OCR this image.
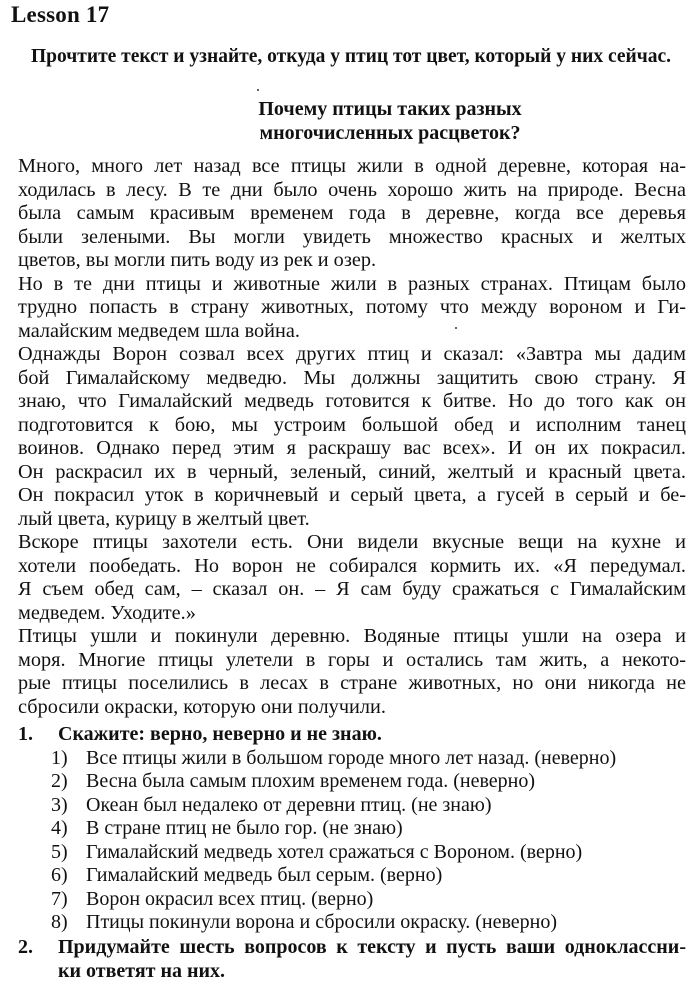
Lesson 17
Прочтите текст и узнайте, откуда у птиц тот цвет, который у них сейчас.
Почему птицы таких разных
многочисленных расцветок?
Много, много лет назад все птицы жили в одной деревне, которая на-
ходилась в лесу. В те дни было очень хорошо жить на природе. Весна
была самым красивым временем года в деревне, когда все деревья
были зелеными. Вы могли увидеть множество красных и желтых
цветов, вы могли пить воду из рек и озер.
Но в те дни птицы и животные жили в разных странах. Птицам было
трудно попасть в страну животных, потому что между вороном и Ги-
малайским медведем шла война.
Однажды Ворон созвал всех других птиц и сказал: «Завтра мы дадим
бой Гималайскому медведю. Мы должны защитить свою страну. Я
знаю, что Гималайский медведь готовится к битве. Но до того как он
подготовится к бою, мы устроим большой обед и исполним танец
воинов. Однако перед этим я раскрашу вас всех». И он их покрасил.
Он раскрасил их в черный, зеленый, синий, желтый и красный цвета.
Он покрасил уток в коричневый и серый цвета, а гусей в серый и бе-
лый цвета, курицу в желтый цвет.
Вскоре птицы захотели есть. Они видели вкусные вещи на кухне и
хотели пообедать. Но ворон не собирался кормить их. «Я передумал.
Я съем обед сам, – сказал он. – Я сам буду сражаться с Гималайским
медведем. Уходите.»
Птицы ушли и покинули деревню. Водяные птицы ушли на озера и
моря. Многие птицы улетели в горы и остались там жить, а некото-
рые птицы поселились в лесах в стране животных, но они никогда не
сбросили окраски, которую они получили.
1. Скажите: верно, неверно и не знаю.
1) Все птицы жили в большом городе много лет назад. (неверно)
2) Весна была самым плохим временем года. (неверно)
3) Океан был недалеко от деревни птиц. (не знаю)
4) В стране птиц не было гор. (не знаю)
5) Гималайский медведь хотел сражаться с Вороном. (верно)
6) Гималайский медведь был серым. (верно)
7) Ворон окрасил всех птиц. (верно)
8) Птицы покинули ворона и сбросили окраску. (неверно)
2. Придумайте шесть вопросов к тексту и пусть ваши одноклассни-
ки ответят на них.
